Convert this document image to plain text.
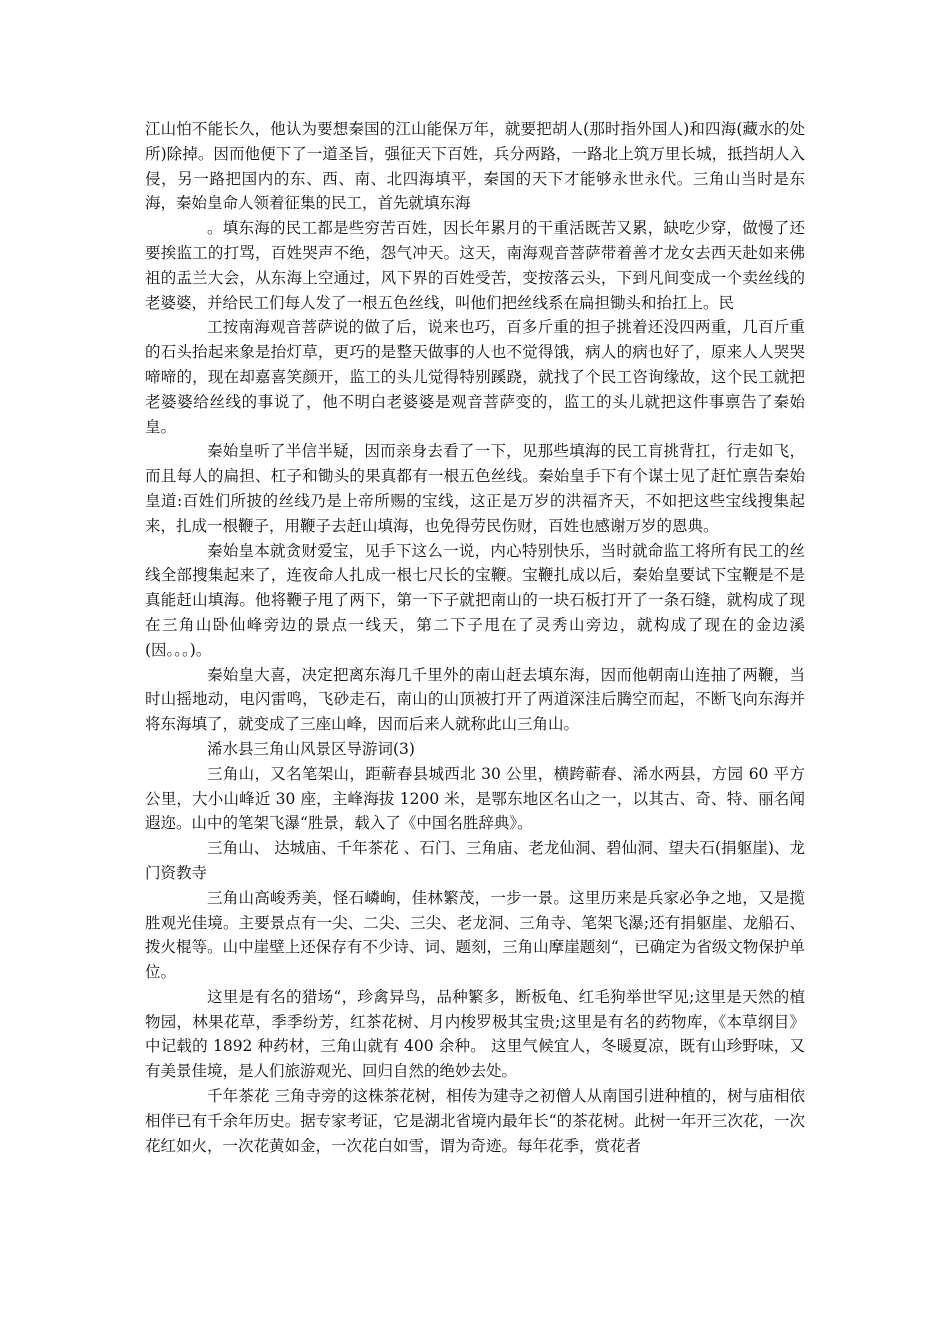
江山怕不能长久，他认为要想秦国的江山能保万年，就要把胡人(那时指外国人)和四海(藏水的处所)除掉。因而他便下了一道圣旨，强征天下百姓，兵分两路，一路北上筑万里长城，抵挡胡人入侵，另一路把国内的东、西、南、北四海填平，秦国的天下才能够永世永代。三角山当时是东海，秦始皇命人领着征集的民工，首先就填东海

。填东海的民工都是些穷苦百姓，因长年累月的干重活既苦又累，缺吃少穿，做慢了还要挨监工的打骂，百姓哭声不绝，怨气冲天。这天，南海观音菩萨带着善才龙女去西天赴如来佛祖的盂兰大会，从东海上空通过，风下界的百姓受苦，变按落云头，下到凡间变成一个卖丝线的老婆婆，并给民工们每人发了一根五色丝线，叫他们把丝线系在扁担锄头和抬扛上。民

工按南海观音菩萨说的做了后，说来也巧，百多斤重的担子挑着还没四两重，几百斤重的石头抬起来象是抬灯草，更巧的是整天做事的人也不觉得饿，病人的病也好了，原来人人哭哭啼啼的，现在却嘉喜笑颜开，监工的头儿觉得特别蹊跷，就找了个民工咨询缘故，这个民工就把老婆婆给丝线的事说了，他不明白老婆婆是观音菩萨变的，监工的头儿就把这件事禀告了秦始皇。

秦始皇听了半信半疑，因而亲身去看了一下，见那些填海的民工肓挑背扛，行走如飞，而且每人的扁担、杠子和锄头的果真都有一根五色丝线。秦始皇手下有个谋士见了赶忙禀告秦始皇道:百姓们所披的丝线乃是上帝所赐的宝线，这正是万岁的洪福齐天，不如把这些宝线搜集起来，扎成一根鞭子，用鞭子去赶山填海，也免得劳民伤财，百姓也感谢万岁的恩典。

秦始皇本就贪财爱宝，见手下这么一说，内心特别快乐，当时就命监工将所有民工的丝线全部搜集起来了，连夜命人扎成一根七尺长的宝鞭。宝鞭扎成以后，秦始皇要试下宝鞭是不是真能赶山填海。他将鞭子甩了两下，第一下子就把南山的一块石板打开了一条石缝，就构成了现在三角山卧仙峰旁边的景点一线天，第二下子甩在了灵秀山旁边，就构成了现在的金边溪(因。。。)。

秦始皇大喜，决定把离东海几千里外的南山赶去填东海，因而他朝南山连抽了两鞭，当时山摇地动，电闪雷鸣，飞砂走石，南山的山顶被打开了两道深洼后腾空而起，不断飞向东海并将东海填了，就变成了三座山峰，因而后来人就称此山三角山。

浠水县三角山风景区导游词(3)

三角山，又名笔架山，距蕲春县城西北 30 公里，横跨蕲春、浠水两县，方园 60 平方公里，大小山峰近 30 座，主峰海拔 1200 米，是鄂东地区名山之一，以其古、奇、特、丽名闻遐迩。山中的笔架飞瀑“胜景，载入了《中国名胜辞典》。

三角山、 达城庙、千年茶花 、石门、三角庙、老龙仙洞、碧仙洞、望夫石(捐躯崖)、龙门资教寺

三角山高峻秀美，怪石嶙峋，佳林繁茂，一步一景。这里历来是兵家必争之地，又是揽胜观光佳境。主要景点有一尖、二尖、三尖、老龙洞、三角寺、笔架飞瀑;还有捐躯崖、龙船石、拨火棍等。山中崖壁上还保存有不少诗、词、题刻，三角山摩崖题刻“，已确定为省级文物保护单位。

这里是有名的猎场“，珍禽异鸟，品种繁多，断板龟、红毛狗举世罕见;这里是天然的植物园，林果花草，季季纷芳，红茶花树、月内梭罗极其宝贵;这里是有名的药物库，《本草纲目》中记载的 1892 种药材，三角山就有 400 余种。 这里气候宜人，冬暖夏凉，既有山珍野味，又有美景佳境，是人们旅游观光、回归自然的绝妙去处。

千年茶花 三角寺旁的这株茶花树，相传为建寺之初僧人从南国引进种植的，树与庙相依相伴已有千余年历史。据专家考证，它是湖北省境内最年长“的茶花树。此树一年开三次花，一次花红如火，一次花黄如金，一次花白如雪，谓为奇迹。每年花季，赏花者
